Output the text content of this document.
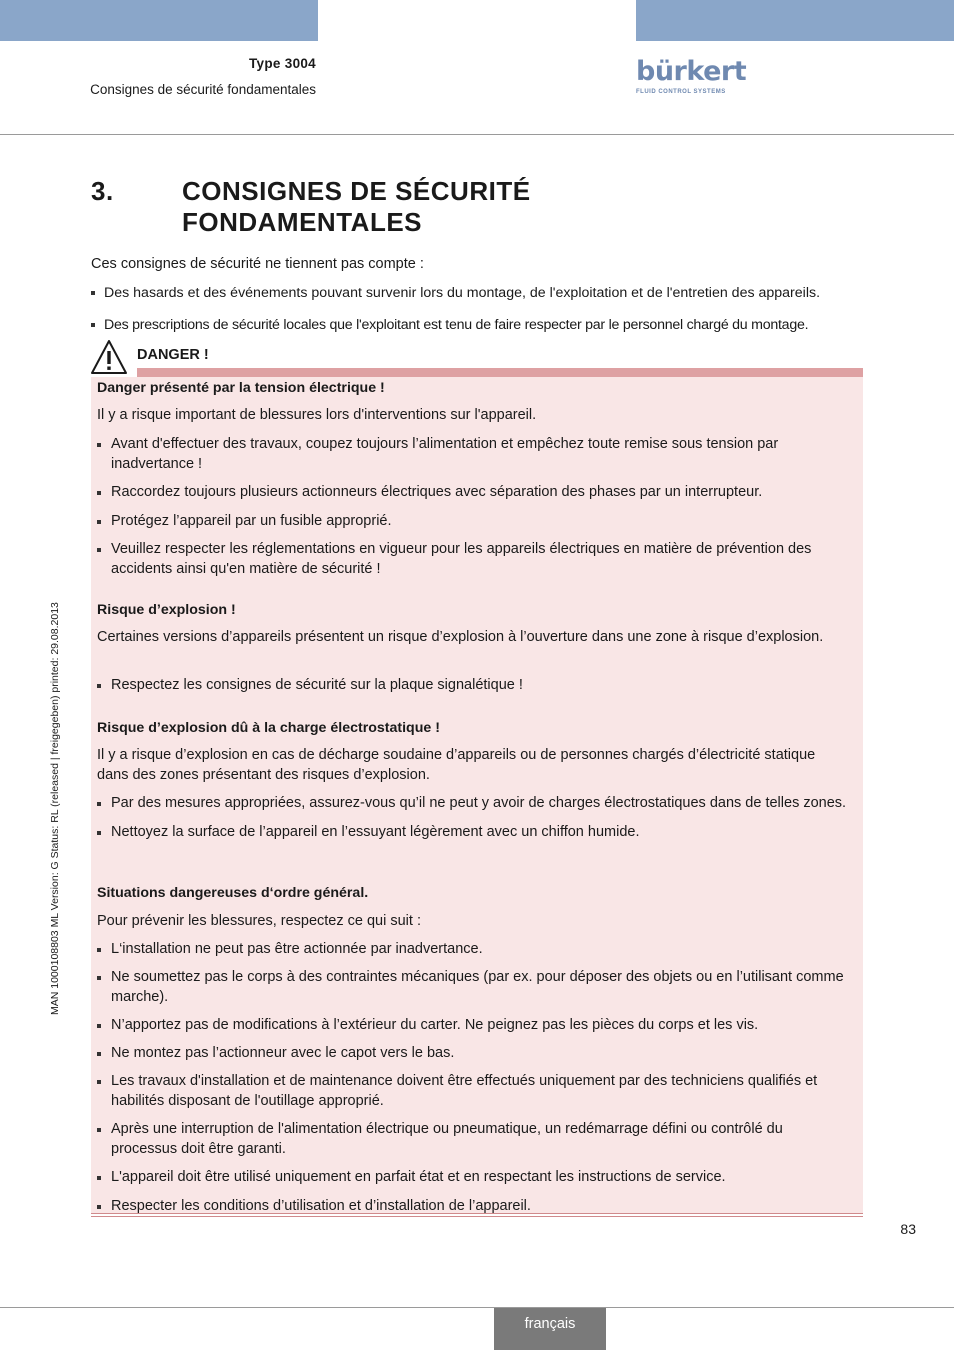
Type 3004
Consignes de sécurité fondamentales
bürkert
FLUID CONTROL SYSTEMS
3.	CONSIGNES DE SÉCURITÉ FONDAMENTALES
Ces consignes de sécurité ne tiennent pas compte :
Des hasards et des événements pouvant survenir lors du montage, de l'exploitation et de l'entretien des appareils.
Des prescriptions de sécurité locales que l'exploitant est tenu de faire respecter par le personnel chargé du montage.
DANGER !
Danger présenté par la tension électrique !
Il y a risque important de blessures lors d'interventions sur l'appareil.
Avant d'effectuer des travaux, coupez toujours l’alimentation et empêchez toute remise sous tension par inadvertance !
Raccordez toujours plusieurs actionneurs électriques avec séparation des phases par un interrupteur.
Protégez l’appareil par un fusible approprié.
Veuillez respecter les réglementations en vigueur pour les appareils électriques en matière de prévention des accidents ainsi qu'en matière de sécurité !
Risque d’explosion !
Certaines versions d’appareils présentent un risque d’explosion à l’ouverture dans une zone à risque d’explosion.
Respectez les consignes de sécurité sur la plaque signalétique !
Risque d’explosion dû à la charge électrostatique !
Il y a risque d’explosion en cas de décharge soudaine d’appareils ou de personnes chargés d’électricité statique dans des zones présentant des risques d’explosion.
Par des mesures appropriées, assurez-vous qu’il ne peut y avoir de charges électrostatiques dans de telles zones.
Nettoyez la surface de l’appareil en l’essuyant légèrement avec un chiffon humide.
Situations dangereuses d‘ordre général.
Pour prévenir les blessures, respectez ce qui suit :
L‘installation ne peut pas être actionnée par inadvertance.
Ne soumettez pas le corps à des contraintes mécaniques (par ex. pour déposer des objets ou en l’utilisant comme marche).
N’apportez pas de modifications à l’extérieur du carter. Ne peignez pas les pièces du corps et les vis.
Ne montez pas l’actionneur avec le capot vers le bas.
Les travaux d'installation et de maintenance doivent être effectués uniquement par des techniciens qualifiés et habilités disposant de l'outillage approprié.
Après une interruption de l'alimentation électrique ou pneumatique, un redémarrage défini ou contrôlé du processus doit être garanti.
L'appareil doit être utilisé uniquement en parfait état et en respectant les instructions de service.
Respecter les conditions d’utilisation et d’installation de l’appareil.
MAN 1000108803 ML Version: G Status: RL (released | freigegeben) printed: 29.08.2013
83
français
